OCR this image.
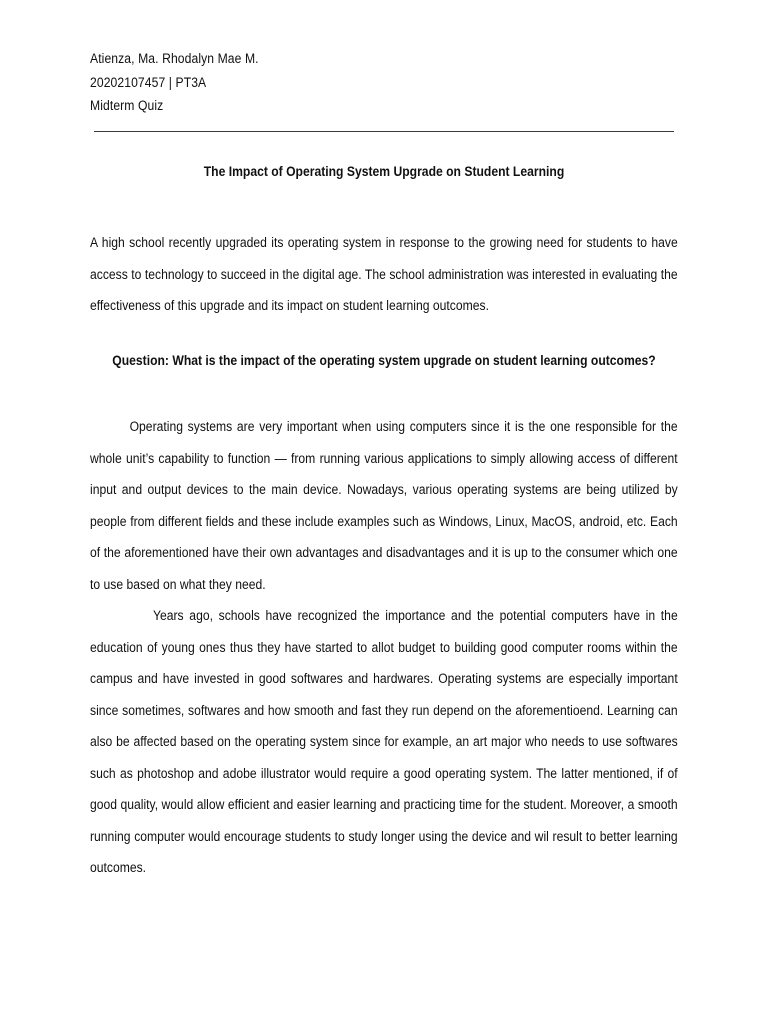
Atienza, Ma. Rhodalyn Mae M.
20202107457 | PT3A
Midterm Quiz
The Impact of Operating System Upgrade on Student Learning

A high school recently upgraded its operating system in response to the growing need for students to have access to technology to succeed in the digital age. The school administration was interested in evaluating the effectiveness of this upgrade and its impact on student learning outcomes.

Question: What is the impact of the operating system upgrade on student learning outcomes?

Operating systems are very important when using computers since it is the one responsible for the whole unit’s capability to function — from running various applications to simply allowing access of different input and output devices to the main device. Nowadays, various operating systems are being utilized by people from different fields and these include examples such as Windows, Linux, MacOS, android, etc. Each of the aforementioned have their own advantages and disadvantages and it is up to the consumer which one to use based on what they need.

Years ago, schools have recognized the importance and the potential computers have in the education of young ones thus they have started to allot budget to building good computer rooms within the campus and have invested in good softwares and hardwares. Operating systems are especially important since sometimes, softwares and how smooth and fast they run depend on the aforementioend. Learning can also be affected based on the operating system since for example, an art major who needs to use softwares such as photoshop and adobe illustrator would require a good operating system. The latter mentioned, if of good quality, would allow efficient and easier learning and practicing time for the student. Moreover, a smooth running computer would encourage students to study longer using the device and wil result to better learning outcomes.
